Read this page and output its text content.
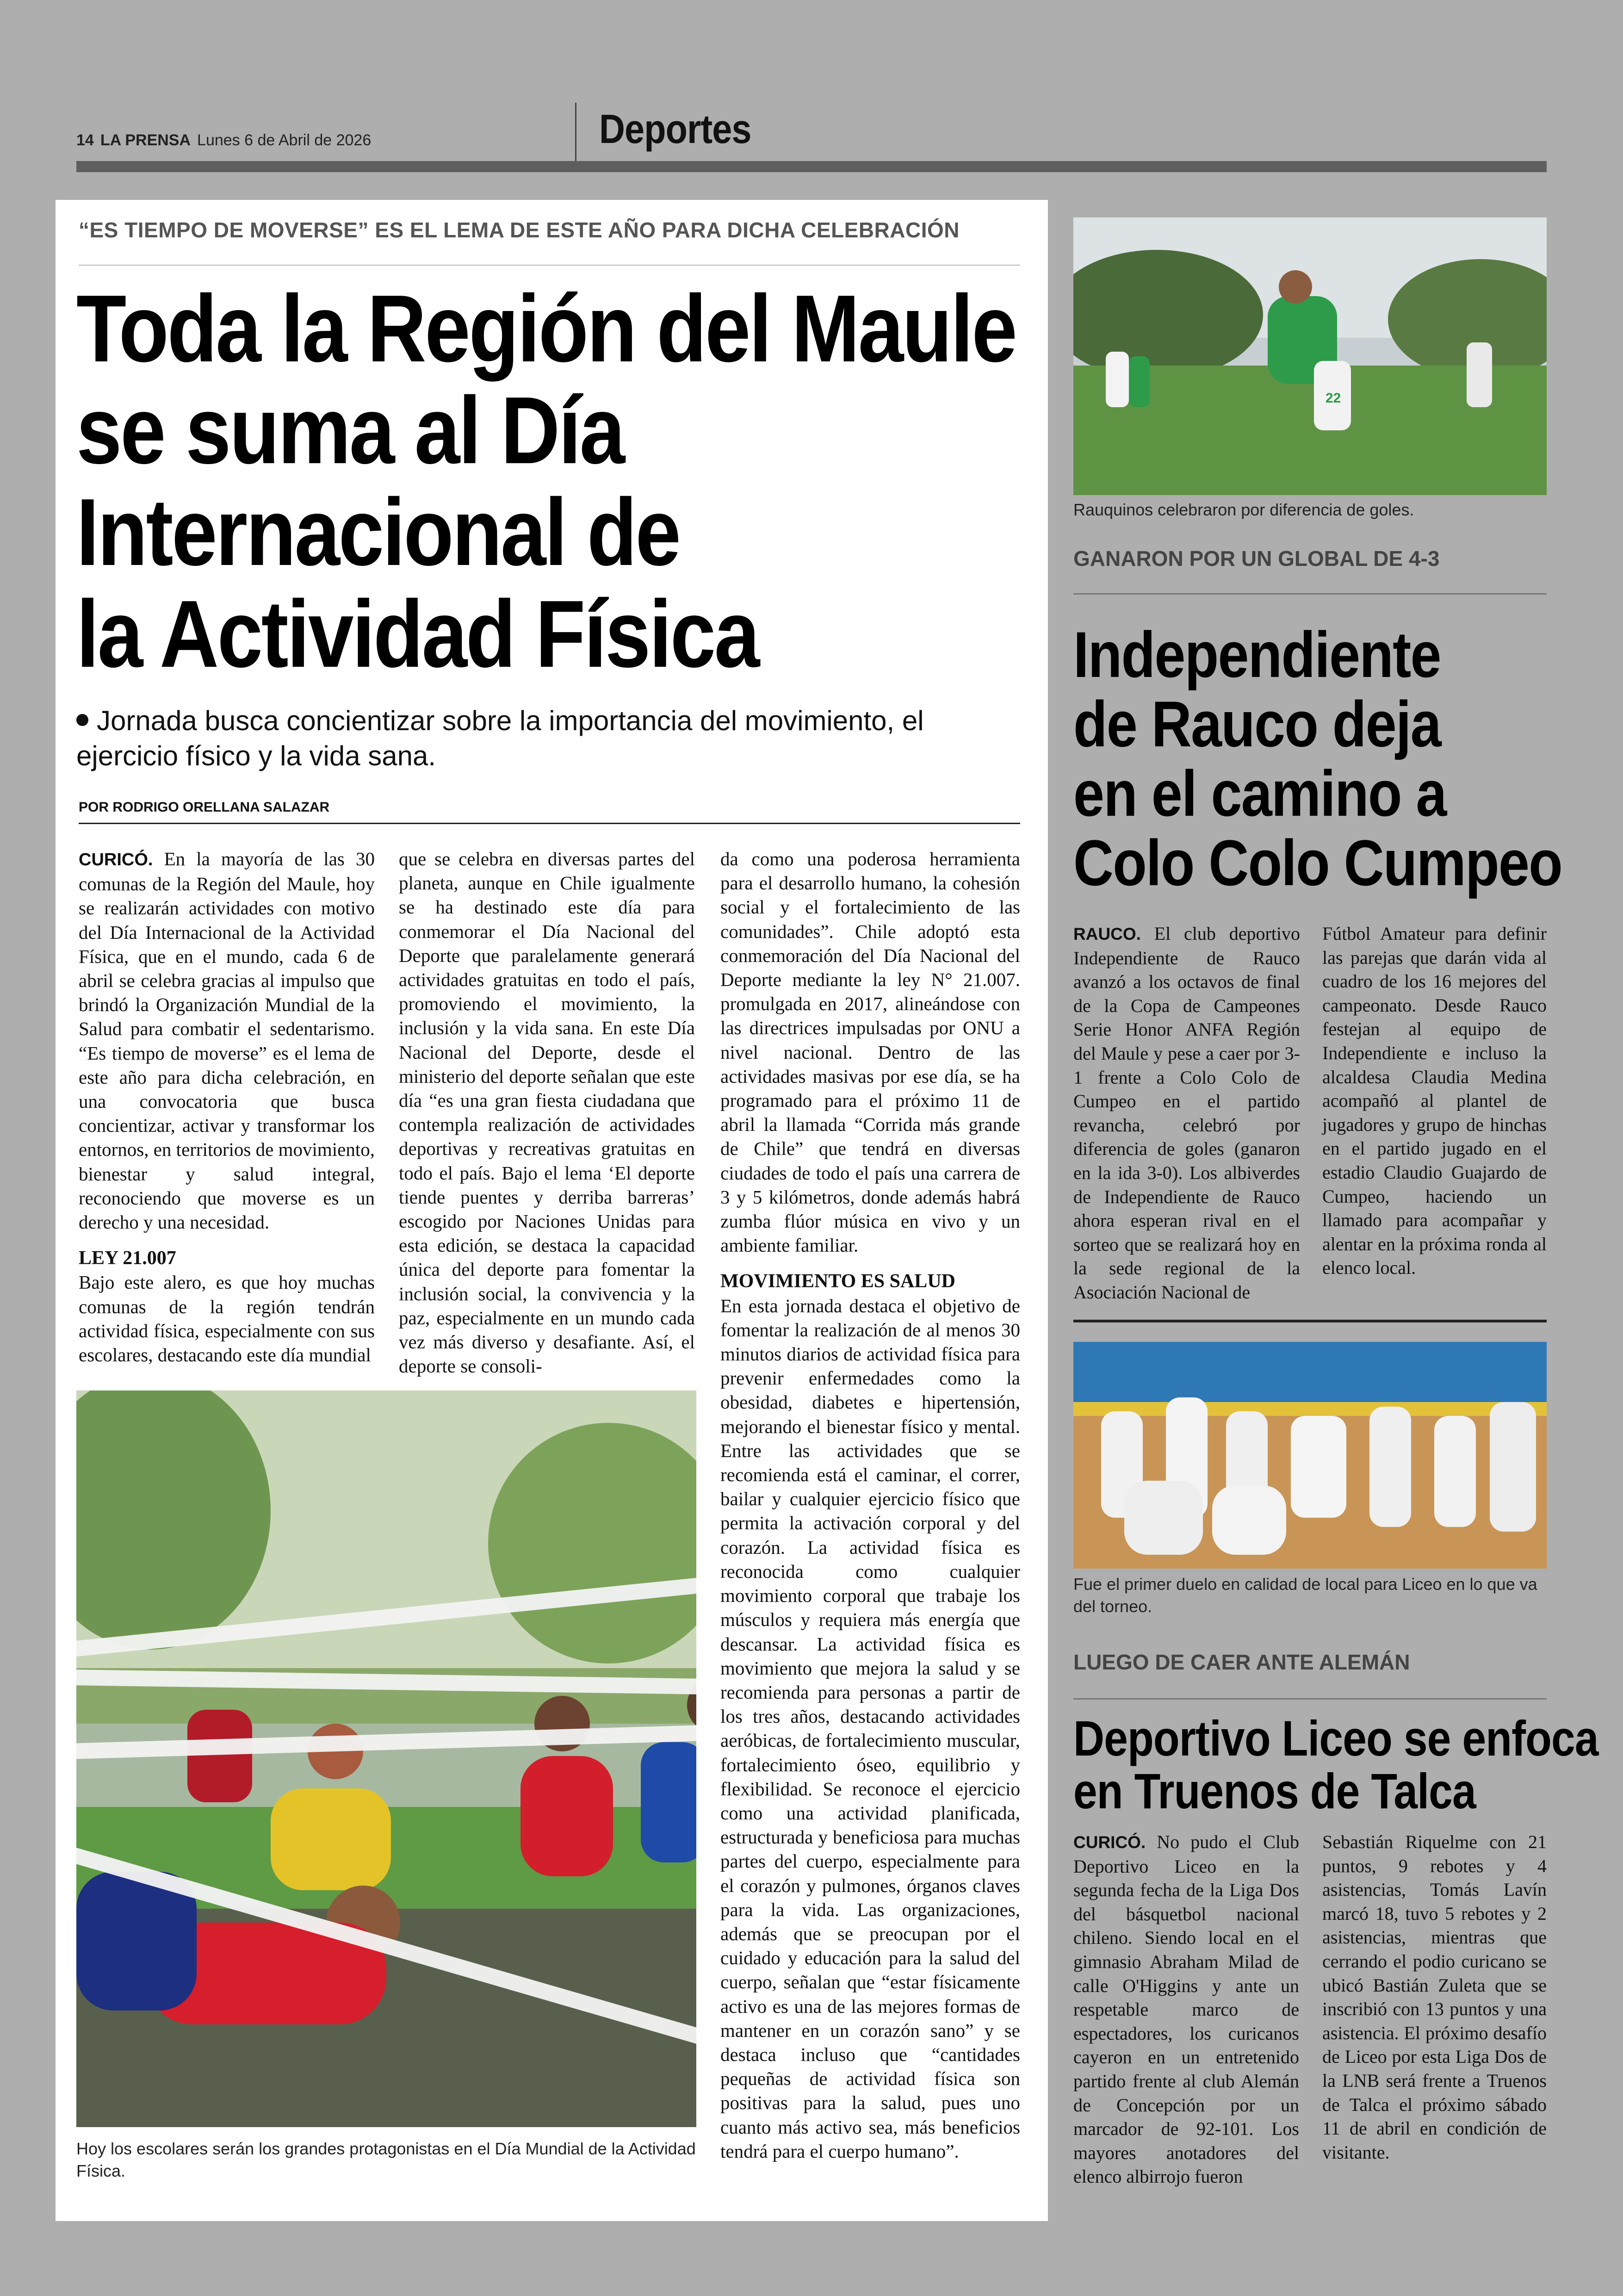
14 LA PRENSA Lunes 6 de Abril de 2026	Deportes
“ES TIEMPO DE MOVERSE” ES EL LEMA DE ESTE AÑO PARA DICHA CELEBRACIÓN
Toda la Región del Maule
se suma al Día
Internacional de
la Actividad Física
Jornada busca concientizar sobre la importancia del movimiento, el ejercicio físico y la vida sana.
POR RODRIGO ORELLANA SALAZAR

CURICÓ. En la mayoría de las 30 comunas de la Región del Maule, hoy se realizarán actividades con motivo del Día Internacional de la Actividad Física, que en el mundo, cada 6 de abril se celebra gracias al impulso que brindó la Organización Mundial de la Salud para combatir el sedentarismo. “Es tiempo de moverse” es el lema de este año para dicha celebración, en una convocatoria que busca concientizar, activar y transformar los entornos, en territorios de movimiento, bienestar y salud integral, reconociendo que moverse es un derecho y una necesidad.

LEY 21.007

Bajo este alero, es que hoy muchas comunas de la región tendrán actividad física, especialmente con sus escolares, destacando este día mundial

que se celebra en diversas partes del planeta, aunque en Chile igualmente se ha destinado este día para conmemorar el Día Nacional del Deporte que paralelamente generará actividades gratuitas en todo el país, promoviendo el movimiento, la inclusión y la vida sana. En este Día Nacional del Deporte, desde el ministerio del deporte señalan que este día “es una gran fiesta ciudadana que contempla realización de actividades deportivas y recreativas gratuitas en todo el país. Bajo el lema ‘El deporte tiende puentes y derriba barreras’ escogido por Naciones Unidas para esta edición, se destaca la capacidad única del deporte para fomentar la inclusión social, la convivencia y la paz, especialmente en un mundo cada vez más diverso y desafiante. Así, el deporte se consoli-

da como una poderosa herramienta para el desarrollo humano, la cohesión social y el fortalecimiento de las comunidades”. Chile adoptó esta conmemoración del Día Nacional del Deporte mediante la ley N° 21.007. promulgada en 2017, alineándose con las directrices impulsadas por ONU a nivel nacional. Dentro de las actividades masivas por ese día, se ha programado para el próximo 11 de abril la llamada “Corrida más grande de Chile” que tendrá en diversas ciudades de todo el país una carrera de 3 y 5 kilómetros, donde además habrá zumba flúor música en vivo y un ambiente familiar.

MOVIMIENTO ES SALUD

En esta jornada destaca el objetivo de fomentar la realización de al menos 30 minutos diarios de actividad física para prevenir enfermedades como la obesidad, diabetes e hipertensión, mejorando el bienestar físico y mental. Entre las actividades que se recomienda está el caminar, el correr, bailar y cualquier ejercicio físico que permita la activación corporal y del corazón. La actividad física es reconocida como cualquier movimiento corporal que trabaje los músculos y requiera más energía que descansar. La actividad física es movimiento que mejora la salud y se recomienda para personas a partir de los tres años, destacando actividades aeróbicas, de fortalecimiento muscular, fortalecimiento óseo, equilibrio y flexibilidad. Se reconoce el ejercicio como una actividad planificada, estructurada y beneficiosa para muchas partes del cuerpo, especialmente para el corazón y pulmones, órganos claves para la vida. Las organizaciones, además que se preocupan por el cuidado y educación para la salud del cuerpo, señalan que “estar físicamente activo es una de las mejores formas de mantener en un corazón sano” y se destaca incluso que “cantidades pequeñas de actividad física son positivas para la salud, pues uno cuanto más activo sea, más beneficios tendrá para el cuerpo humano”.

Hoy los escolares serán los grandes protagonistas en el Día Mundial de la Actividad Física.
22
Rauquinos celebraron por diferencia de goles.
GANARON POR UN GLOBAL DE 4-3
Independiente
de Rauco deja
en el camino a
Colo Colo Cumpeo

RAUCO. El club deportivo Independiente de Rauco avanzó a los octavos de final de la Copa de Campeones Serie Honor ANFA Región del Maule y pese a caer por 3-1 frente a Colo Colo de Cumpeo en el partido revancha, celebró por diferencia de goles (ganaron en la ida 3-0). Los albiverdes de Independiente de Rauco ahora esperan rival en el sorteo que se realizará hoy en la sede regional de la Asociación Nacional de

Fútbol Amateur para definir las parejas que darán vida al cuadro de los 16 mejores del campeonato. Desde Rauco festejan al equipo de Independiente e incluso la alcaldesa Claudia Medina acompañó al plantel de jugadores y grupo de hinchas en el partido jugado en el estadio Claudio Guajardo de Cumpeo, haciendo un llamado para acompañar y alentar en la próxima ronda al elenco local.

Fue el primer duelo en calidad de local para Liceo en lo que va del torneo.
LUEGO DE CAER ANTE ALEMÁN
Deportivo Liceo se enfoca
en Truenos de Talca

CURICÓ. No pudo el Club Deportivo Liceo en la segunda fecha de la Liga Dos del básquetbol nacional chileno. Siendo local en el gimnasio Abraham Milad de calle O'Higgins y ante un respetable marco de espectadores, los curicanos cayeron en un entretenido partido frente al club Alemán de Concepción por un marcador de 92-101. Los mayores anotadores del elenco albirrojo fueron

Sebastián Riquelme con 21 puntos, 9 rebotes y 4 asistencias, Tomás Lavín marcó 18, tuvo 5 rebotes y 2 asistencias, mientras que cerrando el podio curicano se ubicó Bastián Zuleta que se inscribió con 13 puntos y una asistencia. El próximo desafío de Liceo por esta Liga Dos de la LNB será frente a Truenos de Talca el próximo sábado 11 de abril en condición de visitante.
